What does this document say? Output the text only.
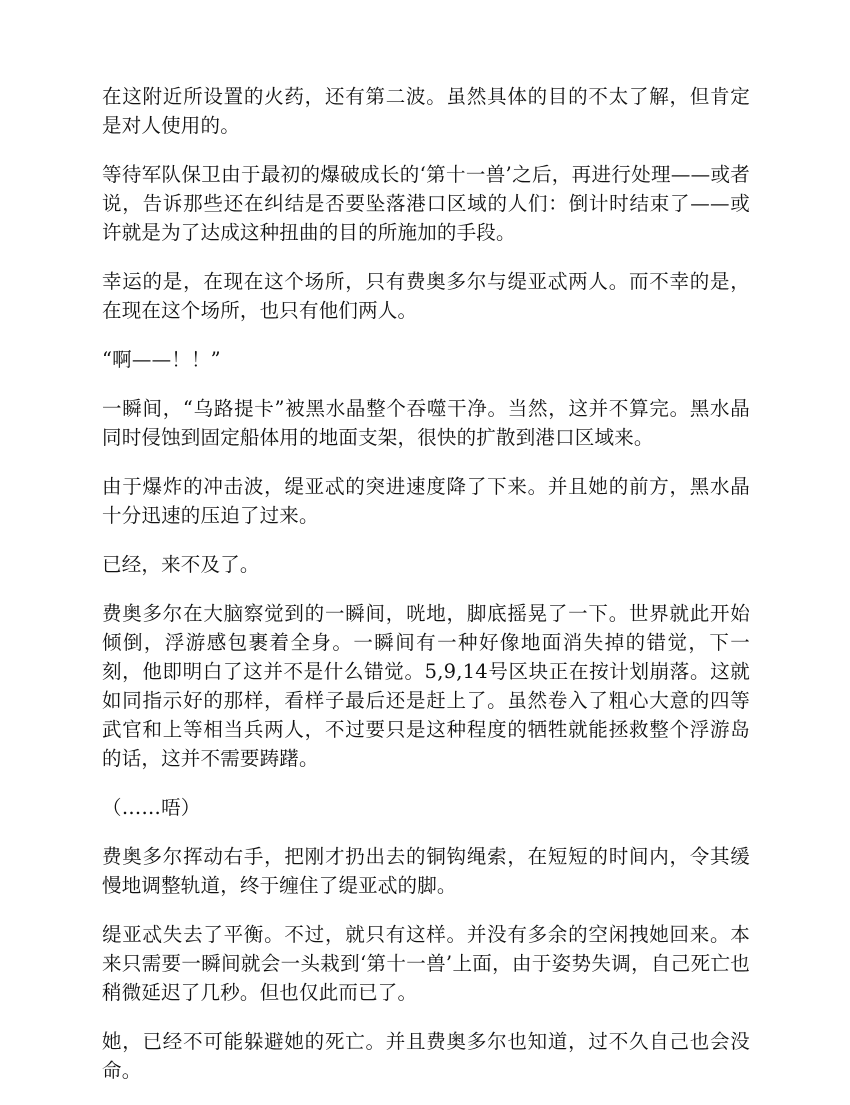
在这附近所设置的火药，还有第二波。虽然具体的目的不太了解，但肯定是对人使用的。

等待军队保卫由于最初的爆破成长的‘第十一兽’之后，再进行处理——或者说，告诉那些还在纠结是否要坠落港口区域的人们：倒计时结束了——或许就是为了达成这种扭曲的目的所施加的手段。

幸运的是，在现在这个场所，只有费奥多尔与缇亚忒两人。而不幸的是，在现在这个场所，也只有他们两人。

“啊——！！”

一瞬间，“乌路提卡”被黑水晶整个吞噬干净。当然，这并不算完。黑水晶同时侵蚀到固定船体用的地面支架，很快的扩散到港口区域来。

由于爆炸的冲击波，缇亚忒的突进速度降了下来。并且她的前方，黑水晶十分迅速的压迫了过来。

已经，来不及了。

费奥多尔在大脑察觉到的一瞬间，咣地，脚底摇晃了一下。世界就此开始倾倒，浮游感包裹着全身。一瞬间有一种好像地面消失掉的错觉，下一刻，他即明白了这并不是什么错觉。5,9,14号区块正在按计划崩落。这就如同指示好的那样，看样子最后还是赶上了。虽然卷入了粗心大意的四等武官和上等相当兵两人，不过要只是这种程度的牺牲就能拯救整个浮游岛的话，这并不需要踌躇。

（……唔）

费奥多尔挥动右手，把刚才扔出去的铜钩绳索，在短短的时间内，令其缓慢地调整轨道，终于缠住了缇亚忒的脚。

缇亚忒失去了平衡。不过，就只有这样。并没有多余的空闲拽她回来。本来只需要一瞬间就会一头栽到‘第十一兽’上面，由于姿势失调，自己死亡也稍微延迟了几秒。但也仅此而已了。

她，已经不可能躲避她的死亡。并且费奥多尔也知道，过不久自己也会没命。
